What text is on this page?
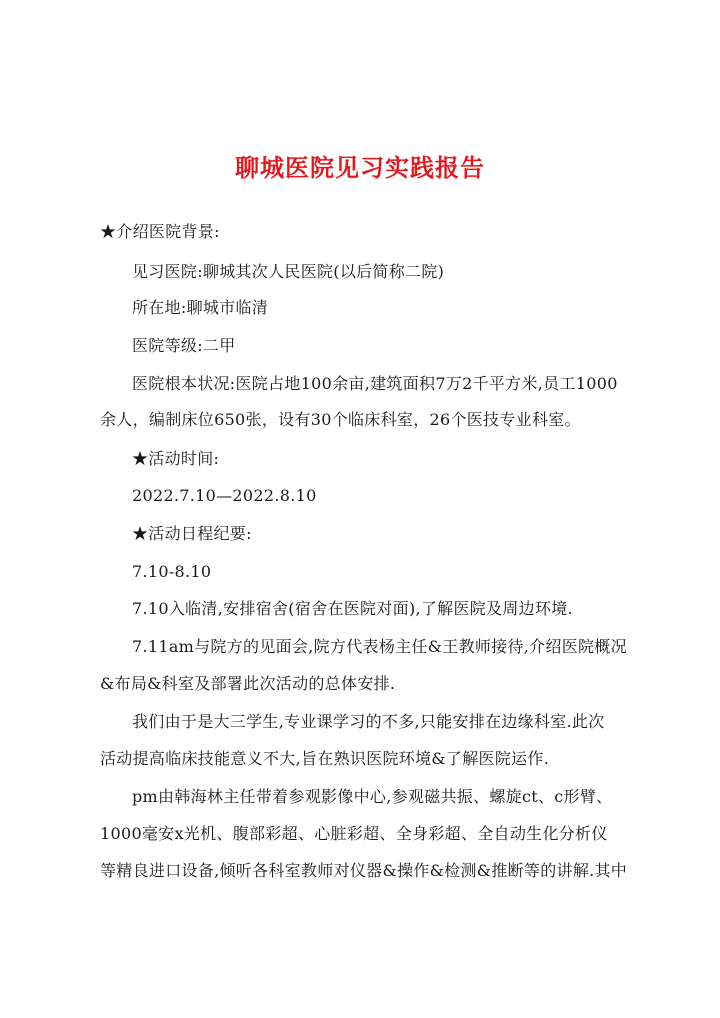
聊城医院见习实践报告
★介绍医院背景:
见习医院:聊城其次人民医院(以后简称二院)
所在地:聊城市临清
医院等级:二甲
医院根本状况:医院占地100余亩,建筑面积7万2千平方米,员工1000
余人，编制床位650张，设有30个临床科室，26个医技专业科室。
★活动时间:
2022.7.10—2022.8.10
★活动日程纪要:
7.10-8.10
7.10入临清,安排宿舍(宿舍在医院对面),了解医院及周边环境.
7.11am与院方的见面会,院方代表杨主任&王教师接待,介绍医院概况
&布局&科室及部署此次活动的总体安排.
我们由于是大三学生,专业课学习的不多,只能安排在边缘科室.此次
活动提高临床技能意义不大,旨在熟识医院环境&了解医院运作.
pm由韩海林主任带着参观影像中心,参观磁共振、螺旋ct、c形臂、
1000毫安x光机、腹部彩超、心脏彩超、全身彩超、全自动生化分析仪
等精良进口设备,倾听各科室教师对仪器&操作&检测&推断等的讲解.其中
